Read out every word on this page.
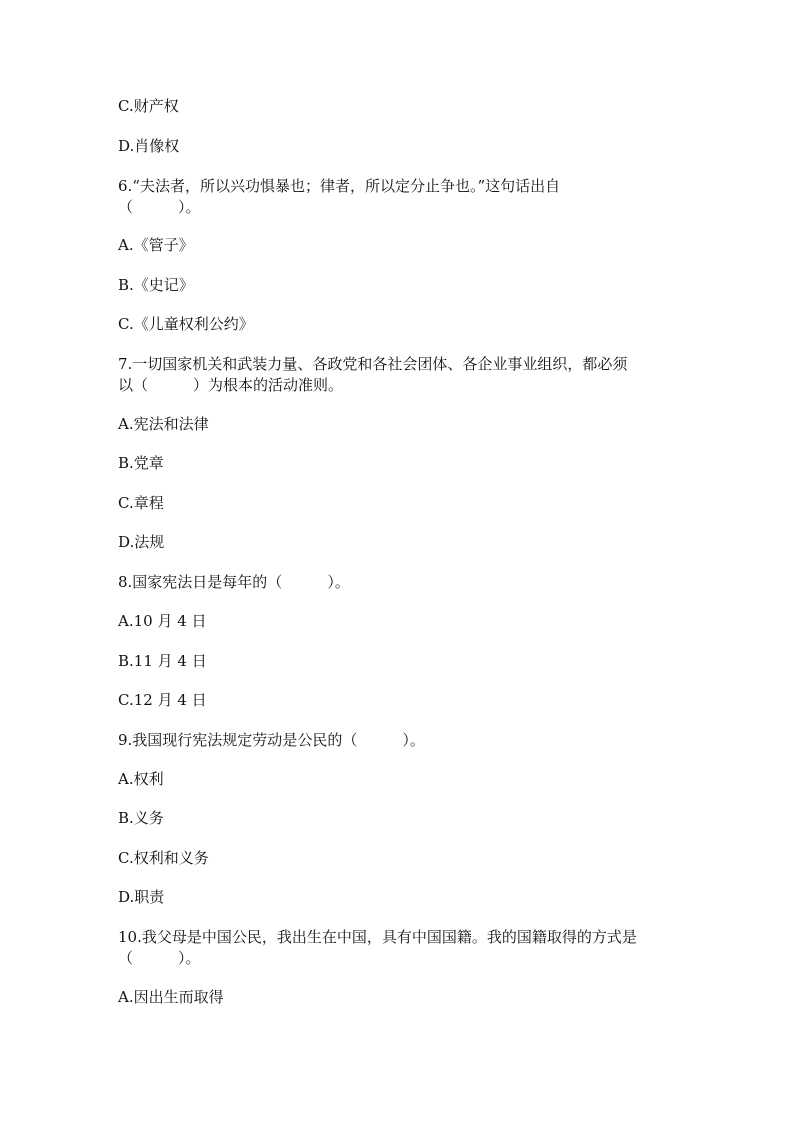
C.财产权
D.肖像权
6.“夫法者，所以兴功惧暴也；律者，所以定分止争也。”这句话出自
（　　　）。
A.《管子》
B.《史记》
C.《儿童权利公约》
7.一切国家机关和武装力量、各政党和各社会团体、各企业事业组织，都必须
以（　　　）为根本的活动准则。
A.宪法和法律
B.党章
C.章程
D.法规
8.国家宪法日是每年的（　　　）。
A.10 月 4 日
B.11 月 4 日
C.12 月 4 日
9.我国现行宪法规定劳动是公民的（　　　）。
A.权利
B.义务
C.权利和义务
D.职责
10.我父母是中国公民，我出生在中国，具有中国国籍。我的国籍取得的方式是
（　　　）。
A.因出生而取得
